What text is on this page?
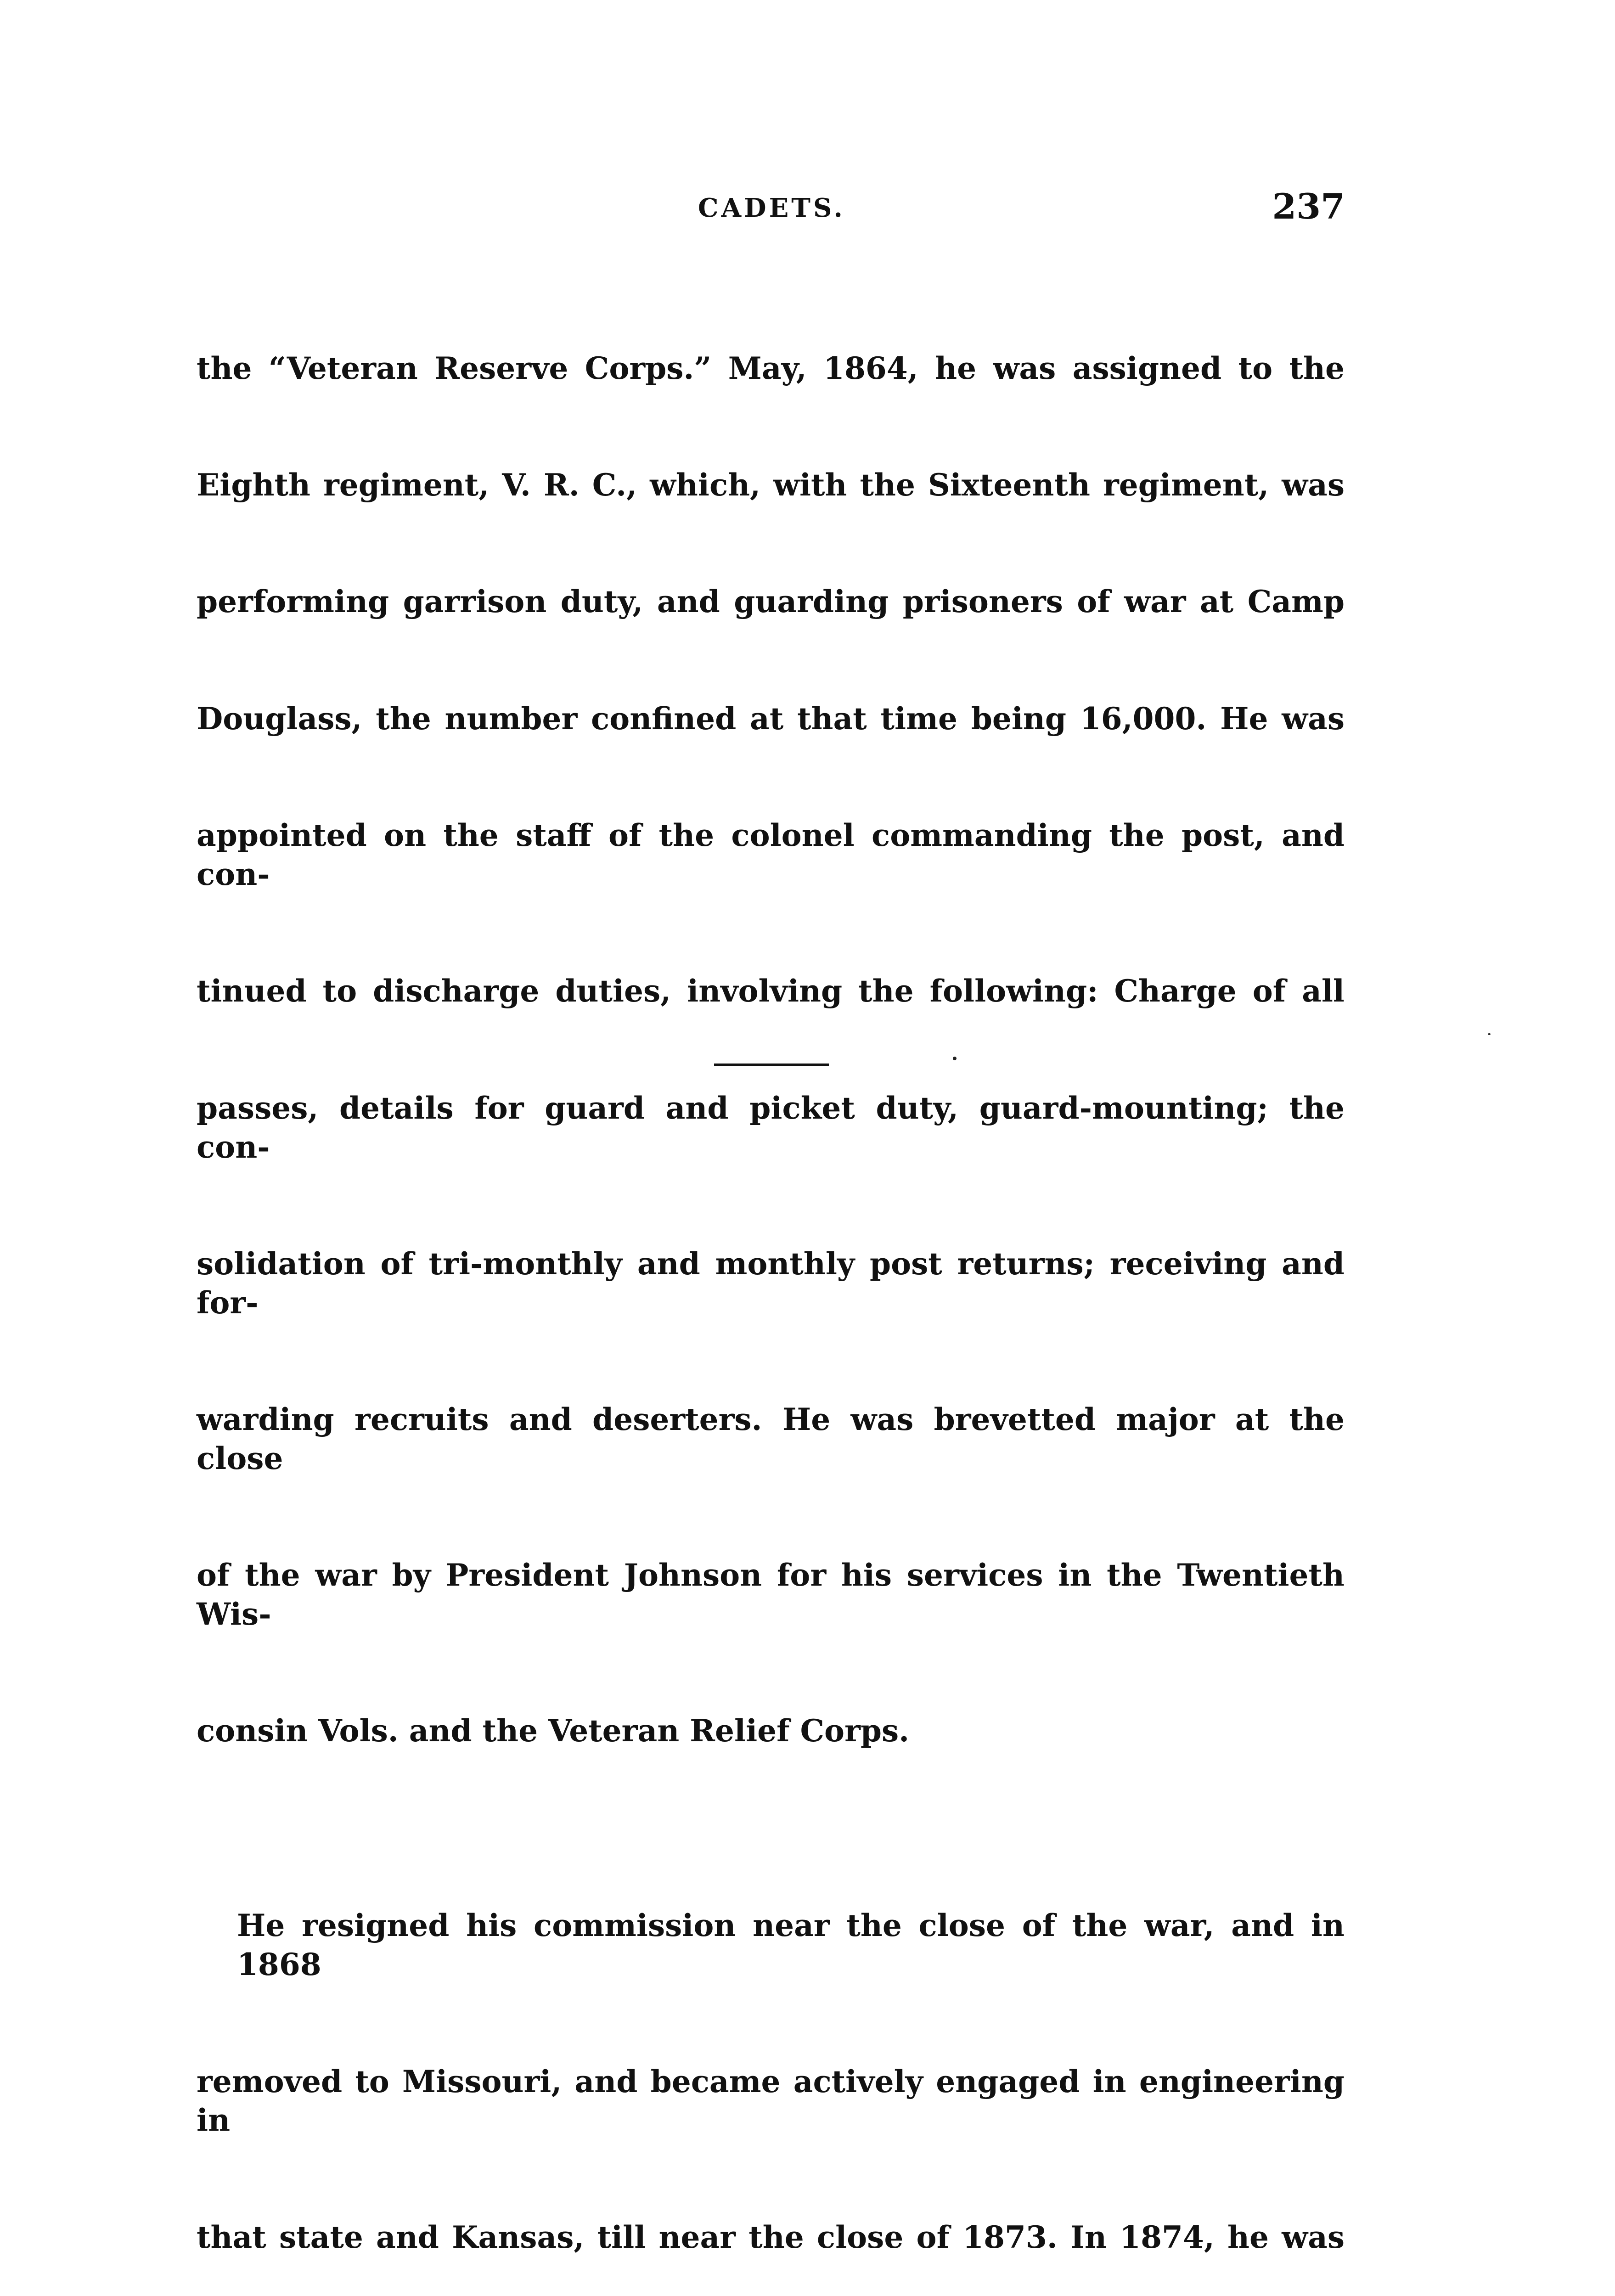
CADETS.	237

the “Veteran Reserve Corps.” May, 1864, he was assigned to the

Eighth regiment, V. R. C., which, with the Sixteenth regiment, was

performing garrison duty, and guarding prisoners of war at Camp

Douglass, the number confined at that time being 16,000. He was

appointed on the staff of the colonel commanding the post, and con-

tinued to discharge duties, involving the following: Charge of all

passes, details for guard and picket duty, guard-mounting; the con-

solidation of tri-monthly and monthly post returns; receiving and for-

warding recruits and deserters. He was brevetted major at the close

of the war by President Johnson for his services in the Twentieth Wis-

consin Vols. and the Veteran Relief Corps.

He resigned his commission near the close of the war, and in 1868

removed to Missouri, and became actively engaged in engineering in

that state and Kansas, till near the close of 1873. In 1874, he was
